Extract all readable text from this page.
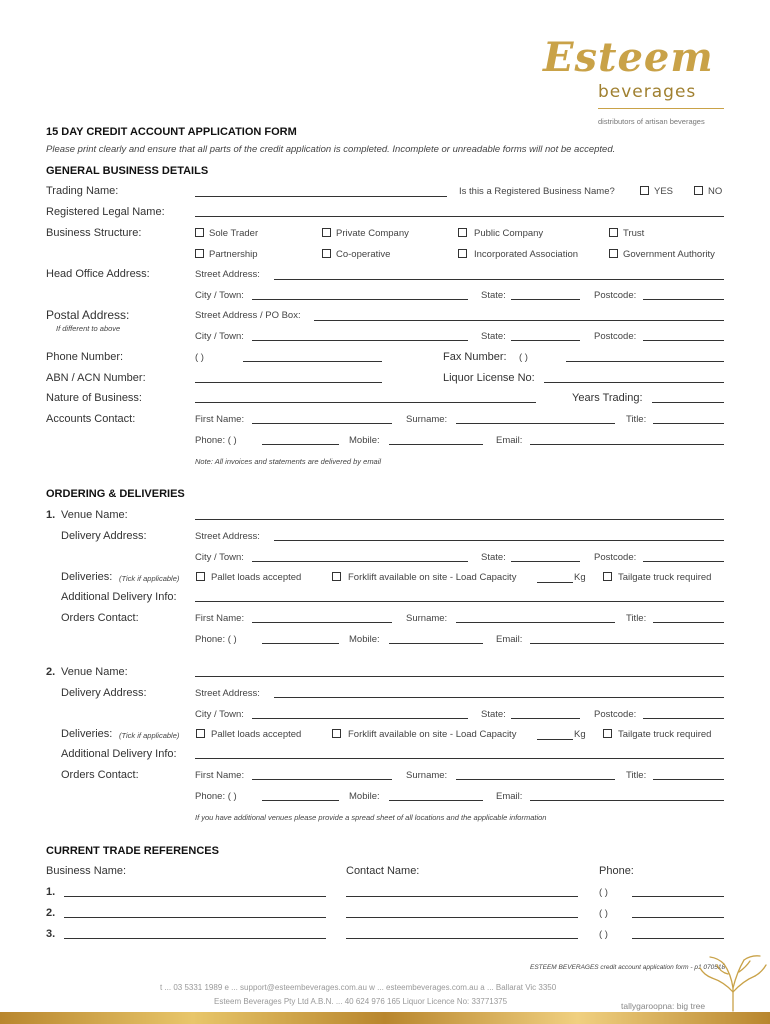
Esteem
beverages
distributors of artisan beverages
15 DAY CREDIT ACCOUNT APPLICATION FORM
Please print clearly and ensure that all parts of the credit application is completed. Incomplete or unreadable forms will not be accepted.
GENERAL BUSINESS DETAILS
Trading Name:	Is this a Registered Business Name?	YES	NO
Registered Legal Name:
Business Structure:	Sole Trader	Private Company	Public Company	Trust
Partnership	Co-operative	Incorporated Association	Government Authority
Head Office Address:	Street Address:
City / Town:	State:	Postcode:
Postal Address:
If different to above
Street Address / PO Box:
City / Town:	State:	Postcode:
Phone Number:	( )	Fax Number: ( )
ABN / ACN Number:	Liquor License No:
Nature of Business:	Years Trading:
Accounts Contact:	First Name:	Surname:	Title:
Phone: ( )	Mobile:	Email:
Note: All invoices and statements are delivered by email
ORDERING & DELIVERIES
1. Venue Name:
Delivery Address:	Street Address:
City / Town:	State:	Postcode:
Deliveries: (Tick if applicable)	Pallet loads accepted	Forklift available on site - Load Capacity	Kg	Tailgate truck required
Additional Delivery Info:
Orders Contact:	First Name:	Surname:	Title:
Phone: ( )	Mobile:	Email:
2. Venue Name:
Delivery Address:	Street Address:
City / Town:	State:	Postcode:
Deliveries: (Tick if applicable)	Pallet loads accepted	Forklift available on site - Load Capacity	Kg	Tailgate truck required
Additional Delivery Info:
Orders Contact:	First Name:	Surname:	Title:
Phone: ( )	Mobile:	Email:
If you have additional venues please provide a spread sheet of all locations and the applicable information
CURRENT TRADE REFERENCES
Business Name:	Contact Name:	Phone:
1.	( )
2.	( )
3.	( )
ESTEEM BEVERAGES credit account application form - p1 070518
t ... 03 5331 1989 e ... support@esteembeverages.com.au w ... esteembeverages.com.au a ... Ballarat Vic 3350
Esteem Beverages Pty Ltd A.B.N. ... 40 624 976 165 Liquor Licence No: 33771375	tallygaroopna: big tree
